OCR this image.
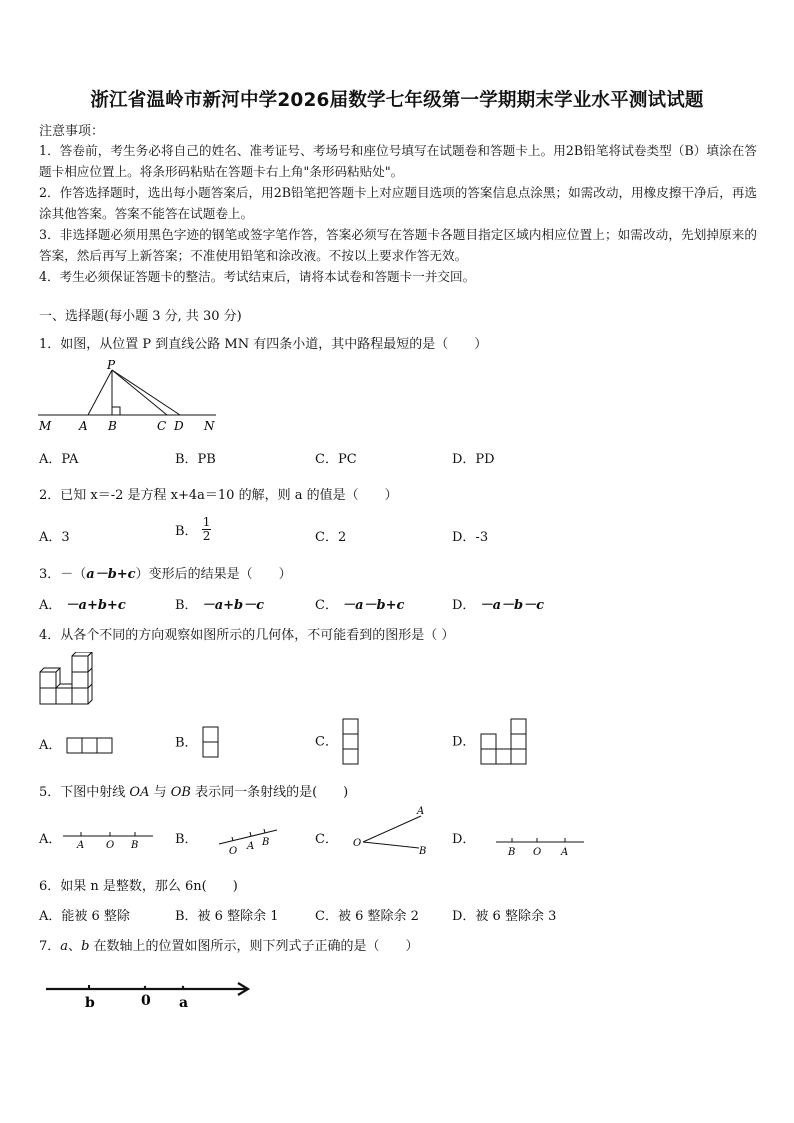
浙江省温岭市新河中学2026届数学七年级第一学期期末学业水平测试试题
注意事项：

1．答卷前，考生务必将自己的姓名、准考证号、考场号和座位号填写在试题卷和答题卡上。用2B铅笔将试卷类型（B）填涂在答题卡相应位置上。将条形码粘贴在答题卡右上角"条形码粘贴处"。

2．作答选择题时，选出每小题答案后，用2B铅笔把答题卡上对应题目选项的答案信息点涂黑；如需改动，用橡皮擦干净后，再选涂其他答案。答案不能答在试题卷上。

3．非选择题必须用黑色字迹的钢笔或签字笔作答，答案必须写在答题卡各题目指定区域内相应位置上；如需改动，先划掉原来的答案，然后再写上新答案；不准使用铅笔和涂改液。不按以上要求作答无效。

4．考生必须保证答题卡的整洁。考试结束后，请将本试卷和答题卡一并交回。

一、选择题(每小题 3 分, 共 30 分)
1．如图，从位置 P 到直线公路 MN 有四条小道，其中路程最短的是（　　）
P
M A B	C D N
A．PA	B．PB	C．PC	D．PD
2．已知 x＝-2 是方程 x+4a＝10 的解，则 a 的值是（　　）
A．3	B． $\frac{1}{2}$	C．2	D．-3
3．－（a－b+c）变形后的结果是（　　）
A． －a+b+c	B． －a+b－c	C． －a－b+c	D． －a－b－c
4．从各个不同的方向观察如图所示的几何体，不可能看到的图形是（ ）
A．	B．	C．	D．
5．下图中射线 OA 与 OB 表示同一条射线的是(　　)
A． A O B	B．
O A B	C．
A
O
B
D．
B O A
6．如果 n 是整数，那么 6n(　　)
A．能被 6 整除	B．被 6 整除余 1	C．被 6 整除余 2	D．被 6 整除余 3
7．a、b 在数轴上的位置如图所示，则下列式子正确的是（　　）
b	0 a
